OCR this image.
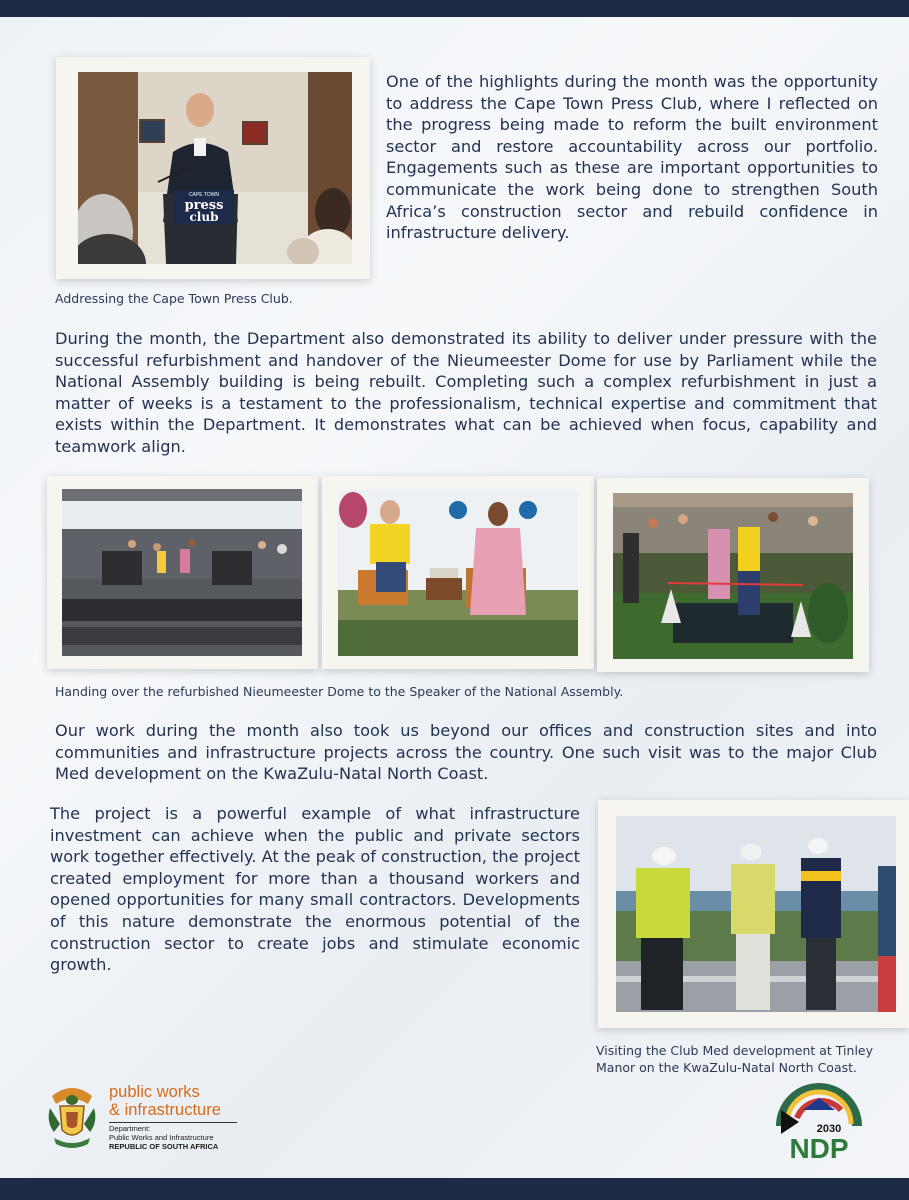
CAPE TOWN
press
club

One of the highlights during the month was the opportunity to address the Cape Town Press Club, where I reflected on the progress being made to reform the built environment sector and restore accountability across our portfolio. Engagements such as these are important opportunities to communicate the work being done to strengthen South Africa’s construction sector and rebuild confidence in infrastructure delivery.

Addressing the Cape Town Press Club.

During the month, the Department also demonstrated its ability to deliver under pressure with the successful refurbishment and handover of the Nieumeester Dome for use by Parliament while the National Assembly building is being rebuilt. Completing such a complex refurbishment in just a matter of weeks is a testament to the professionalism, technical expertise and commitment that exists within the Department. It demonstrates what can be achieved when focus, capability and teamwork align.

Handing over the refurbished Nieumeester Dome to the Speaker of the National Assembly.

Our work during the month also took us beyond our offices and construction sites and into communities and infrastructure projects across the country. One such visit was to the major Club Med development on the KwaZulu-Natal North Coast.

The project is a powerful example of what infrastructure investment can achieve when the public and private sectors work together effectively. At the peak of construction, the project created employment for more than a thousand workers and opened opportunities for many small contractors. Developments of this nature demonstrate the enormous potential of the construction sector to create jobs and stimulate economic growth.

Visiting the Club Med development at Tinley

Manor on the KwaZulu-Natal North Coast.

public works
& infrastructure
Department:
Public Works and Infrastructure
REPUBLIC OF SOUTH AFRICA
2030
NDP
